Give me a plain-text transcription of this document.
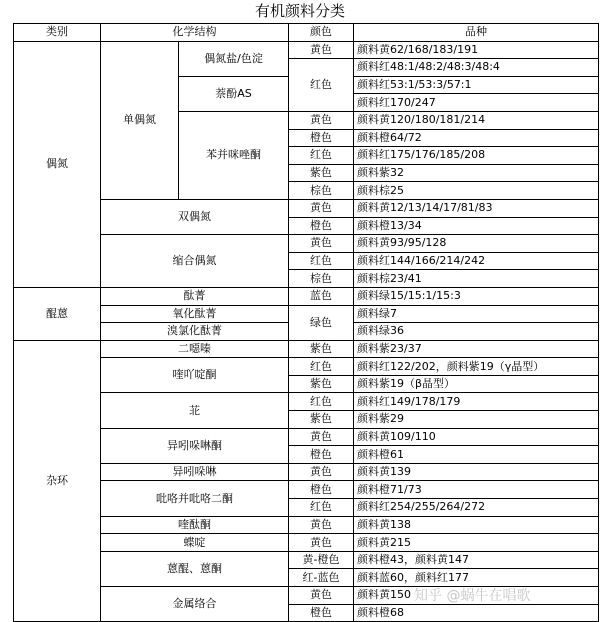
有机颜料分类
类别	化学结构		颜色	品种
偶氮	单偶氮	偶氮盐/色淀	黄色	颜料黄62/168/183/191
			红色	颜料红48:1/48:2/48:3/48:4
		萘酚AS		颜料红53:1/53:3/57:1
				颜料红170/247
		苯并咪唑酮	黄色	颜料黄120/180/181/214
			橙色	颜料橙64/72
			红色	颜料红175/176/185/208
			紫色	颜料紫32
			棕色	颜料棕25
	双偶氮		黄色	颜料黄12/13/14/17/81/83
			橙色	颜料橙13/34
	缩合偶氮		黄色	颜料黄93/95/128
			红色	颜料红144/166/214/242
			棕色	颜料棕23/41
醌蒽	酞菁		蓝色	颜料绿15/15:1/15:3
	氧化酞菁		绿色	颜料绿7
	溴氯化酞菁			颜料绿36
杂环	二噁嗪		紫色	颜料紫23/37
	喹吖啶酮		红色	颜料红122/202，颜料紫19（γ晶型）
			紫色	颜料紫19（β晶型）
	苝		红色	颜料红149/178/179
			紫色	颜料紫29
	异吲哚啉酮		黄色	颜料黄109/110
			橙色	颜料橙61
	异吲哚啉		黄色	颜料黄139
	吡咯并吡咯二酮		橙色	颜料橙71/73
			红色	颜料红254/255/264/272
	喹酞酮		黄色	颜料黄138
	蝶啶		黄色	颜料黄215
	蒽醌、蒽酮		黄-橙色	颜料橙43，颜料黄147
			红-蓝色	颜料蓝60，颜料红177
	金属络合		黄色	颜料黄150
			橙色	颜料橙68
知乎 @蜗牛在唱歌
